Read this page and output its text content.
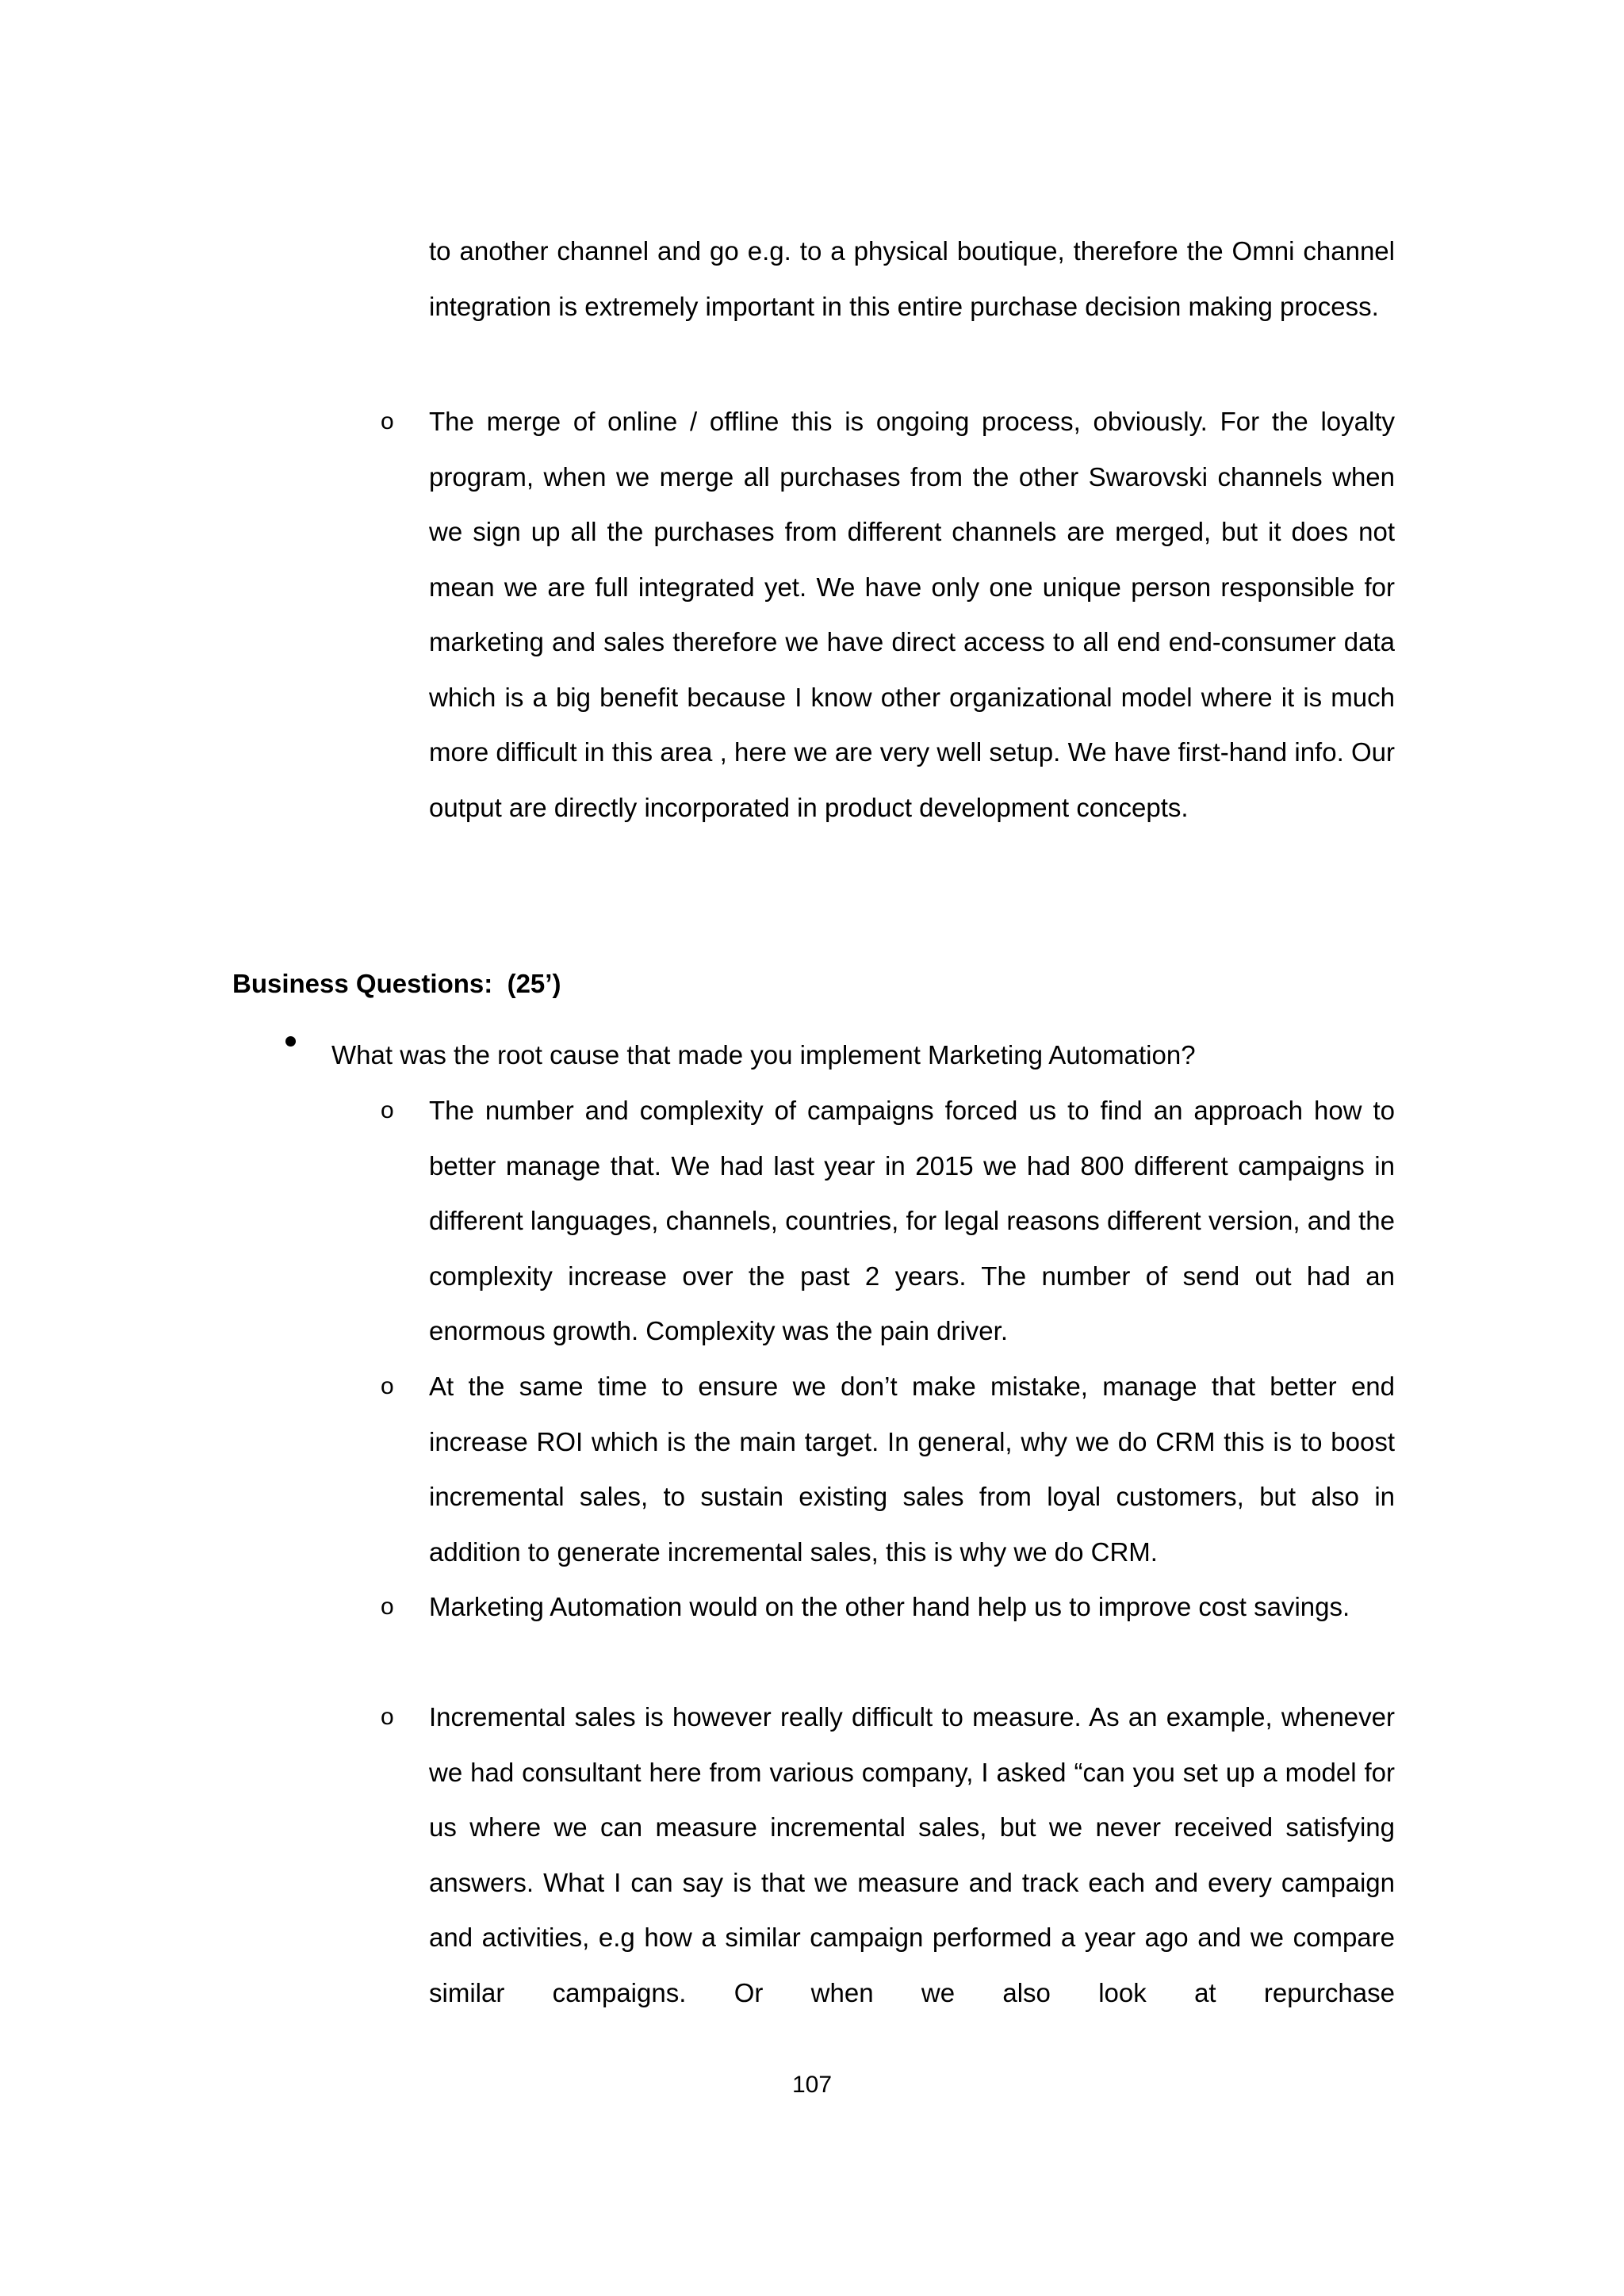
to another channel and go e.g. to a physical boutique, therefore the Omni channel integration is extremely important in this entire purchase decision making process.

o The merge of online / offline this is ongoing process, obviously. For the loyalty program, when we merge all purchases from the other Swarovski channels when we sign up all the purchases from different channels are merged, but it does not mean we are full integrated yet. We have only one unique person responsible for marketing and sales therefore we have direct access to all end end-consumer data which is a big benefit because I know other organizational model where it is much more difficult in this area , here we are very well setup. We have first-hand info. Our output are directly incorporated in product development concepts.

Business Questions:  (25’)

What was the root cause that made you implement Marketing Automation?

o The number and complexity of campaigns forced us to find an approach how to better manage that. We had last year in 2015 we had 800 different campaigns in different languages, channels, countries, for legal reasons different version, and the complexity increase over the past 2 years. The number of send out had an enormous growth. Complexity was the pain driver.

o At the same time to ensure we don’t make mistake, manage that better end increase ROI which is the main target. In general, why we do CRM this is to boost incremental sales, to sustain existing sales from loyal customers, but also in addition to generate incremental sales, this is why we do CRM.

o Marketing Automation would on the other hand help us to improve cost savings.

o Incremental sales is however really difficult to measure. As an example, whenever we had consultant here from various company, I asked “can you set up a model for us where we can measure incremental sales, but we never received satisfying answers. What I can say is that we measure and track each and every campaign and activities, e.g how a similar campaign performed a year ago and we compare similar campaigns. Or when we also look at repurchase

107
